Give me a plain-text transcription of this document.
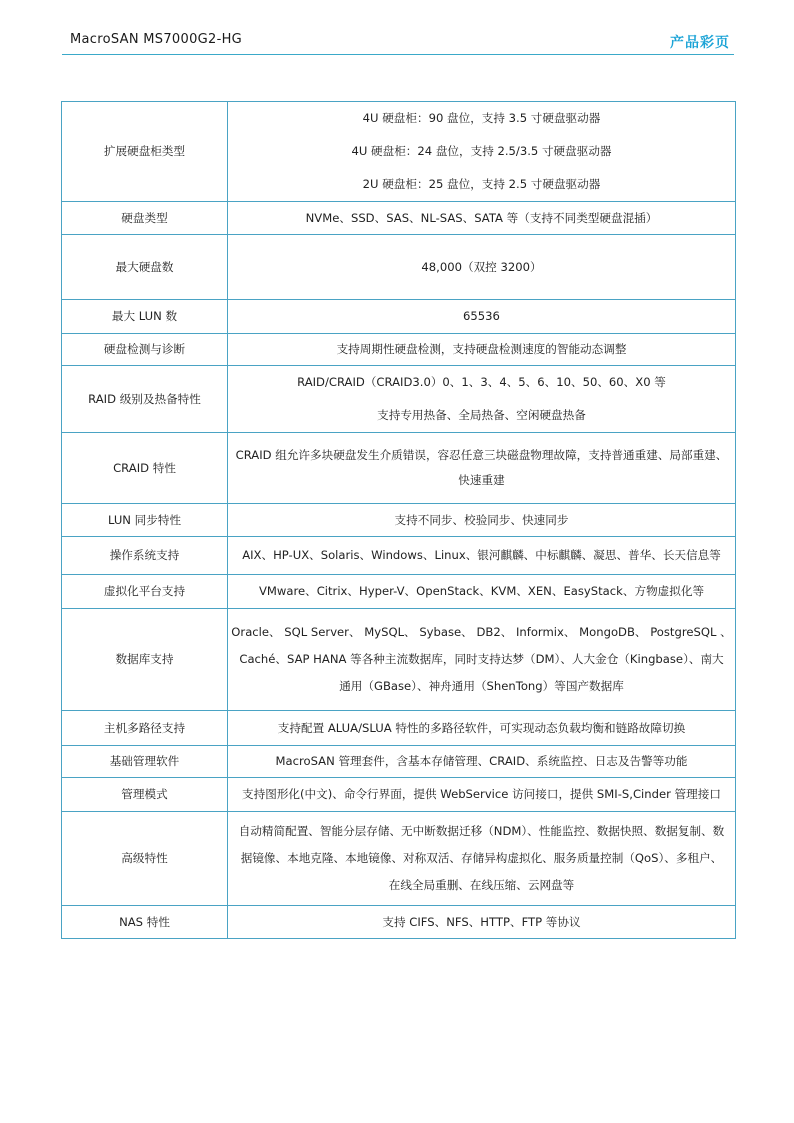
MacroSAN MS7000G2-HG	产品彩页
扩展硬盘柜类型	4U 硬盘柜：90 盘位，支持 3.5 寸硬盘驱动器
4U 硬盘柜：24 盘位，支持 2.5/3.5 寸硬盘驱动器
2U 硬盘柜：25 盘位，支持 2.5 寸硬盘驱动器

硬盘类型	NVMe、SSD、SAS、NL-SAS、SATA 等（支持不同类型硬盘混插）

最大硬盘数	48,000（双控 3200）

最大 LUN 数	65536

硬盘检测与诊断	支持周期性硬盘检测，支持硬盘检测速度的智能动态调整

RAID 级别及热备特性	RAID/CRAID（CRAID3.0）0、1、3、4、5、6、10、50、60、X0 等
支持专用热备、全局热备、空闲硬盘热备

CRAID 特性	CRAID 组允许多块硬盘发生介质错误，容忍任意三块磁盘物理故障，支持普通重建、局部重建、
快速重建

LUN 同步特性	支持不同步、校验同步、快速同步

操作系统支持	AIX、HP-UX、Solaris、Windows、Linux、银河麒麟、中标麒麟、凝思、普华、长天信息等

虚拟化平台支持	VMware、Citrix、Hyper-V、OpenStack、KVM、XEN、EasyStack、方物虚拟化等

数据库支持	Oracle、 SQL Server、 MySQL、 Sybase、 DB2、 Informix、 MongoDB、 PostgreSQL 、
Caché、SAP HANA 等各种主流数据库，同时支持达梦（DM）、人大金仓（Kingbase）、南大
通用（GBase）、神舟通用（ShenTong）等国产数据库

主机多路径支持	支持配置 ALUA/SLUA 特性的多路径软件，可实现动态负载均衡和链路故障切换

基础管理软件	MacroSAN 管理套件，含基本存储管理、CRAID、系统监控、日志及告警等功能

管理模式	支持图形化(中文)、命令行界面，提供 WebService 访问接口，提供 SMI-S,Cinder 管理接口

高级特性	自动精简配置、智能分层存储、无中断数据迁移（NDM）、性能监控、数据快照、数据复制、数
据镜像、本地克隆、本地镜像、对称双活、存储异构虚拟化、服务质量控制（QoS）、多租户、
在线全局重删、在线压缩、云网盘等

NAS 特性	支持 CIFS、NFS、HTTP、FTP 等协议
